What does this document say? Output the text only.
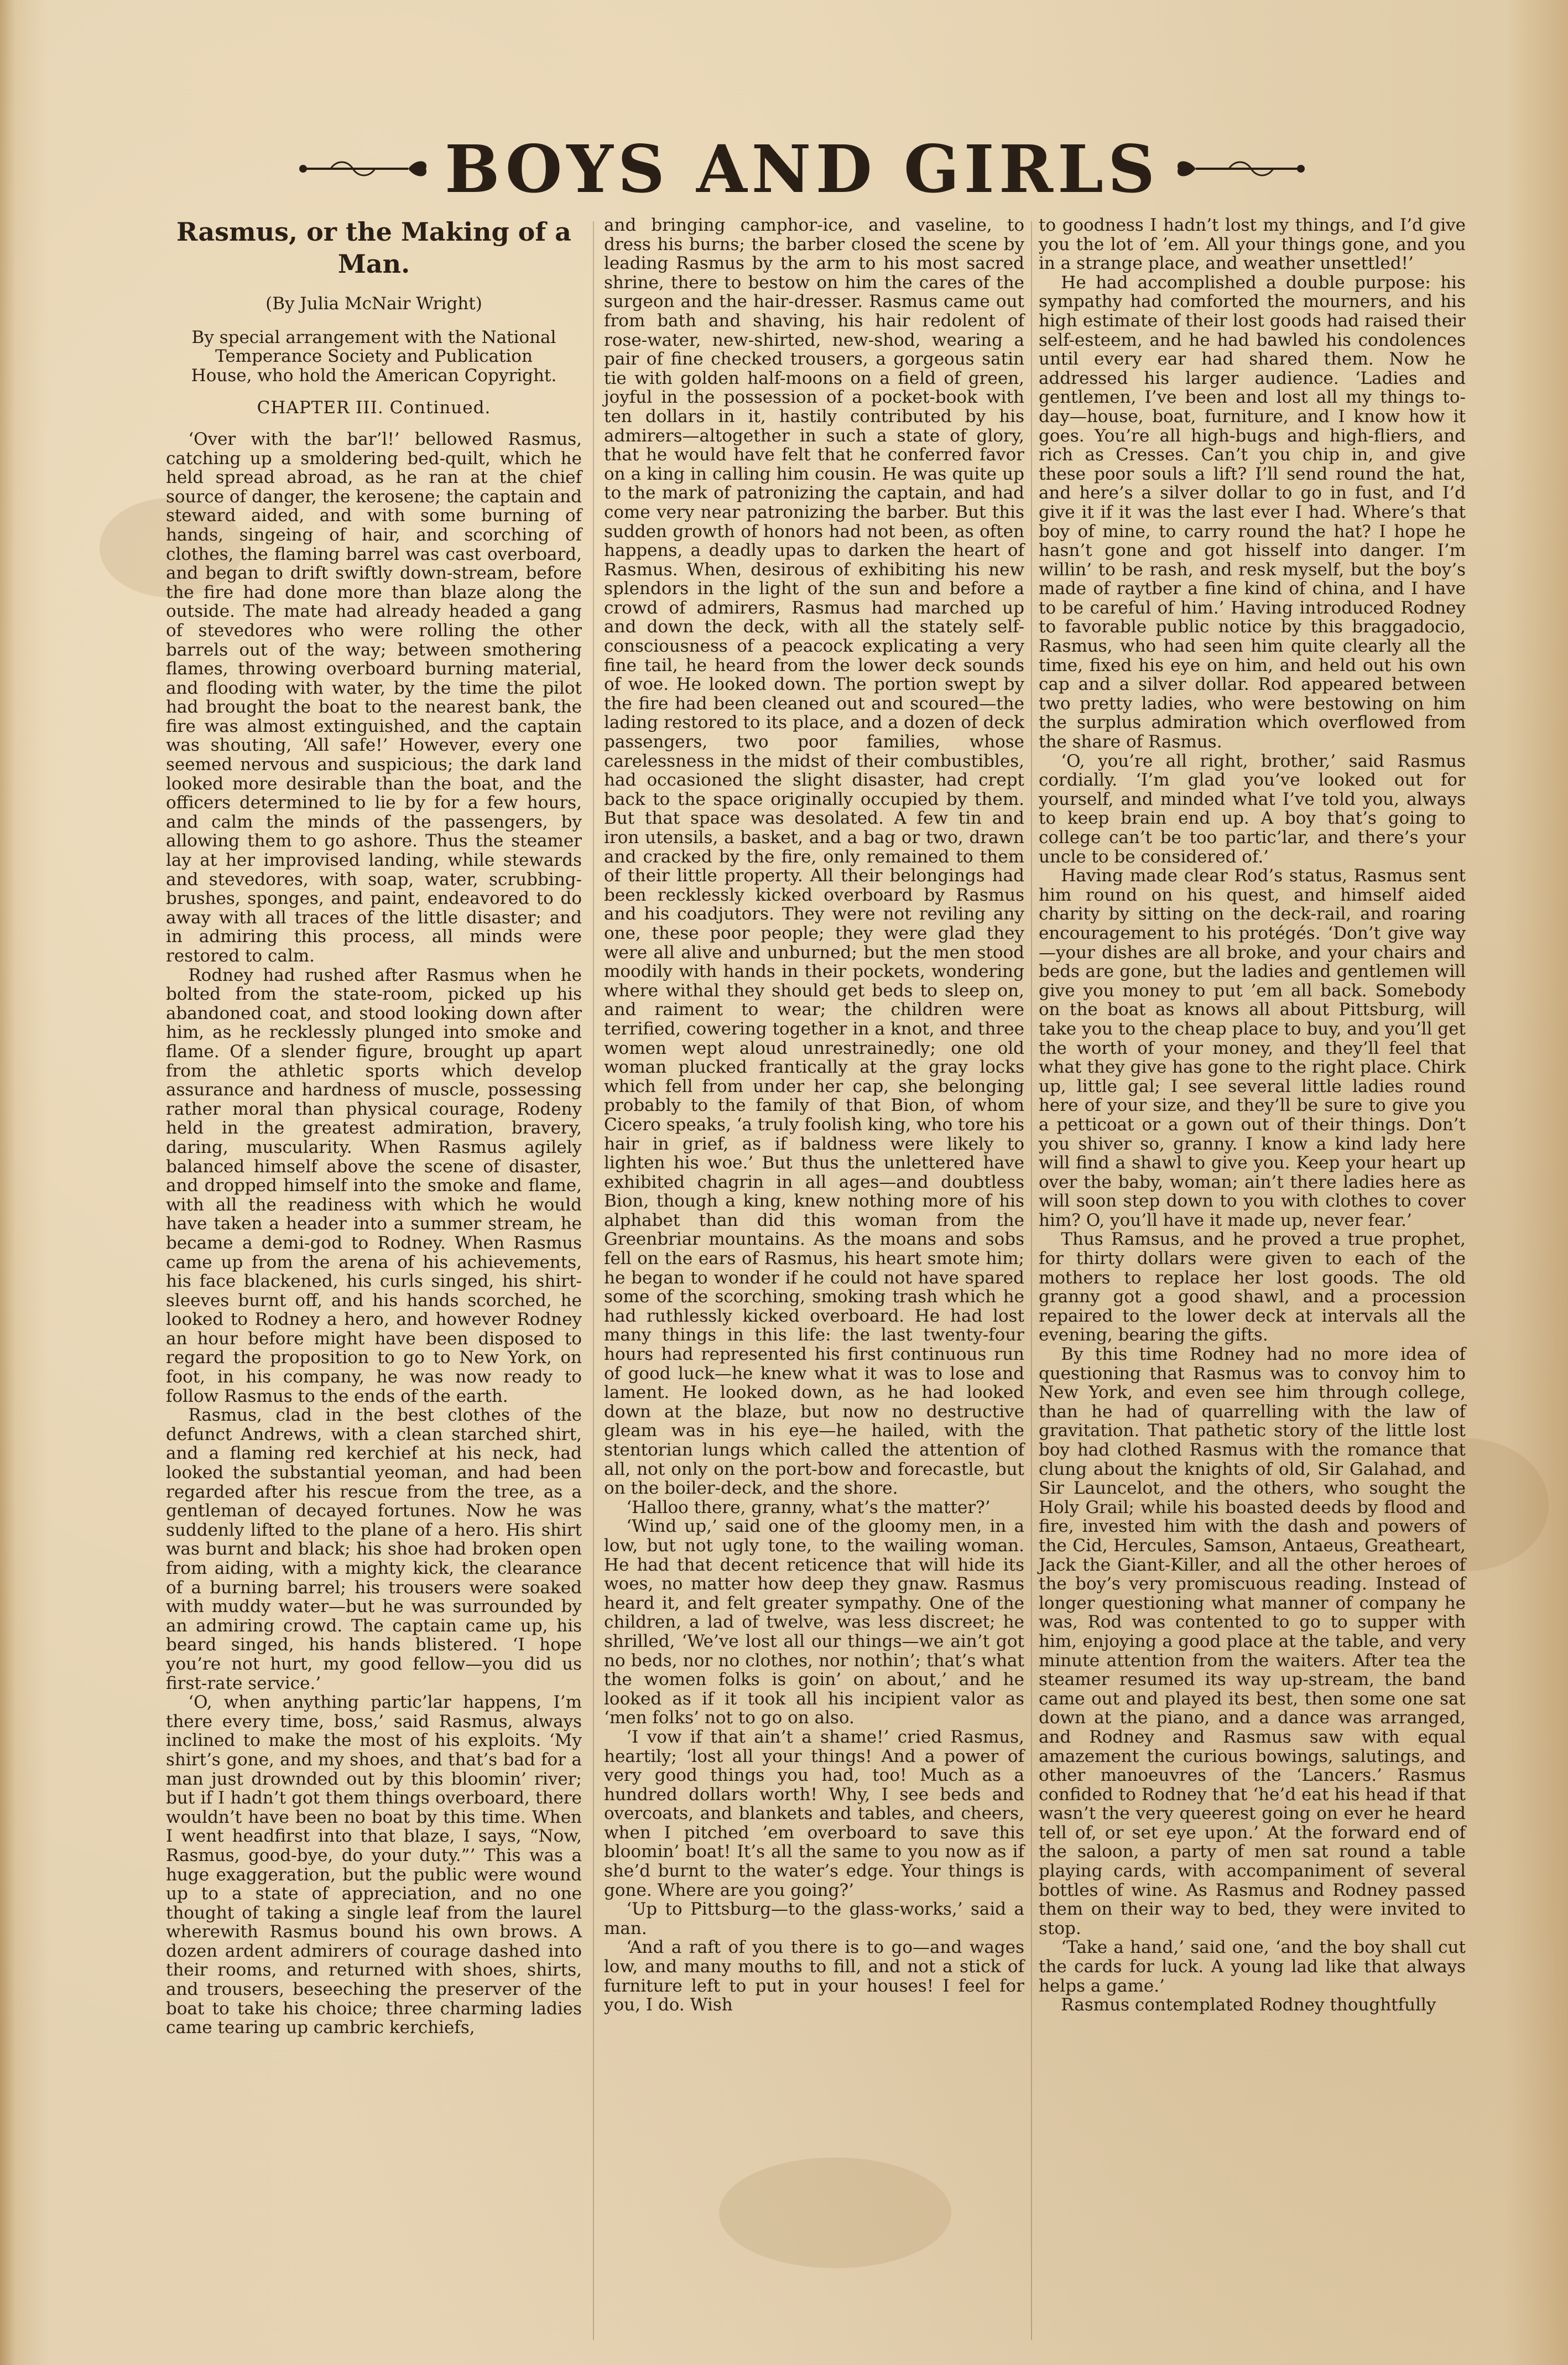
BOYS AND GIRLS

Rasmus, or the Making of a Man.

(By Julia McNair Wright)

By special arrangement with the National Temperance Society and Publication House, who hold the American Copyright.

CHAPTER III. Continued.

‘Over with the bar’l!’ bellowed Rasmus, catching up a smoldering bed-quilt, which he held spread abroad, as he ran at the chief source of danger, the kerosene; the captain and steward aided, and with some burning of hands, singeing of hair, and scorching of clothes, the flaming barrel was cast overboard, and began to drift swiftly down-stream, before the fire had done more than blaze along the outside. The mate had already headed a gang of stevedores who were rolling the other barrels out of the way; between smothering flames, throwing overboard burning material, and flooding with water, by the time the pilot had brought the boat to the nearest bank, the fire was almost extinguished, and the captain was shouting, ‘All safe!’ However, every one seemed nervous and suspicious; the dark land looked more desirable than the boat, and the officers determined to lie by for a few hours, and calm the minds of the passengers, by allowing them to go ashore. Thus the steamer lay at her improvised landing, while stewards and stevedores, with soap, water, scrubbing-brushes, sponges, and paint, endeavored to do away with all traces of the little disaster; and in admiring this process, all minds were restored to calm.

Rodney had rushed after Rasmus when he bolted from the state-room, picked up his abandoned coat, and stood looking down after him, as he recklessly plunged into smoke and flame. Of a slender figure, brought up apart from the athletic sports which develop assurance and hardness of muscle, possessing rather moral than physical courage, Rodeny held in the greatest admiration, bravery, daring, muscularity. When Rasmus agilely balanced himself above the scene of disaster, and dropped himself into the smoke and flame, with all the readiness with which he would have taken a header into a summer stream, he became a demi-god to Rodney. When Rasmus came up from the arena of his achievements, his face blackened, his curls singed, his shirt-sleeves burnt off, and his hands scorched, he looked to Rodney a hero, and however Rodney an hour before might have been disposed to regard the proposition to go to New York, on foot, in his company, he was now ready to follow Rasmus to the ends of the earth.

Rasmus, clad in the best clothes of the defunct Andrews, with a clean starched shirt, and a flaming red kerchief at his neck, had looked the substantial yeoman, and had been regarded after his rescue from the tree, as a gentleman of decayed fortunes. Now he was suddenly lifted to the plane of a hero. His shirt was burnt and black; his shoe had broken open from aiding, with a mighty kick, the clearance of a burning barrel; his trousers were soaked with muddy water—but he was surrounded by an admiring crowd. The captain came up, his beard singed, his hands blistered. ‘I hope you’re not hurt, my good fellow—you did us first-rate service.’

‘O, when anything partic’lar happens, I’m there every time, boss,’ said Rasmus, always inclined to make the most of his exploits. ‘My shirt’s gone, and my shoes, and that’s bad for a man just drownded out by this bloomin’ river; but if I hadn’t got them things overboard, there wouldn’t have been no boat by this time. When I went headfirst into that blaze, I says, “Now, Rasmus, good-bye, do your duty.”’ This was a huge exaggeration, but the public were wound up to a state of appreciation, and no one thought of taking a single leaf from the laurel wherewith Rasmus bound his own brows. A dozen ardent admirers of courage dashed into their rooms, and returned with shoes, shirts, and trousers, beseeching the preserver of the boat to take his choice; three charming ladies came tearing up cambric kerchiefs,

and bringing camphor-ice, and vaseline, to dress his burns; the barber closed the scene by leading Rasmus by the arm to his most sacred shrine, there to bestow on him the cares of the surgeon and the hair-dresser. Rasmus came out from bath and shaving, his hair redolent of rose-water, new-shirted, new-shod, wearing a pair of fine checked trousers, a gorgeous satin tie with golden half-moons on a field of green, joyful in the possession of a pocket-book with ten dollars in it, hastily contributed by his admirers—altogether in such a state of glory, that he would have felt that he conferred favor on a king in calling him cousin. He was quite up to the mark of patronizing the captain, and had come very near patronizing the barber. But this sudden growth of honors had not been, as often happens, a deadly upas to darken the heart of Rasmus. When, desirous of exhibiting his new splendors in the light of the sun and before a crowd of admirers, Rasmus had marched up and down the deck, with all the stately self-consciousness of a peacock explicating a very fine tail, he heard from the lower deck sounds of woe. He looked down. The portion swept by the fire had been cleaned out and scoured—the lading restored to its place, and a dozen of deck passengers, two poor families, whose carelessness in the midst of their combustibles, had occasioned the slight disaster, had crept back to the space originally occupied by them. But that space was desolated. A few tin and iron utensils, a basket, and a bag or two, drawn and cracked by the fire, only remained to them of their little property. All their belongings had been recklessly kicked overboard by Rasmus and his coadjutors. They were not reviling any one, these poor people; they were glad they were all alive and unburned; but the men stood moodily with hands in their pockets, wondering where withal they should get beds to sleep on, and raiment to wear; the children were terrified, cowering together in a knot, and three women wept aloud unrestrainedly; one old woman plucked frantically at the gray locks which fell from under her cap, she belonging probably to the family of that Bion, of whom Cicero speaks, ‘a truly foolish king, who tore his hair in grief, as if baldness were likely to lighten his woe.’ But thus the unlettered have exhibited chagrin in all ages—and doubtless Bion, though a king, knew nothing more of his alphabet than did this woman from the Greenbriar mountains. As the moans and sobs fell on the ears of Rasmus, his heart smote him; he began to wonder if he could not have spared some of the scorching, smoking trash which he had ruthlessly kicked overboard. He had lost many things in this life: the last twenty-four hours had represented his first continuous run of good luck—he knew what it was to lose and lament. He looked down, as he had looked down at the blaze, but now no destructive gleam was in his eye—he hailed, with the stentorian lungs which called the attention of all, not only on the port-bow and forecastle, but on the boiler-deck, and the shore.

‘Halloo there, granny, what’s the matter?’

‘Wind up,’ said one of the gloomy men, in a low, but not ugly tone, to the wailing woman. He had that decent reticence that will hide its woes, no matter how deep they gnaw. Rasmus heard it, and felt greater sympathy. One of the children, a lad of twelve, was less discreet; he shrilled, ‘We’ve lost all our things—we ain’t got no beds, nor no clothes, nor nothin’; that’s what the women folks is goin’ on about,’ and he looked as if it took all his incipient valor as ‘men folks’ not to go on also.

‘I vow if that ain’t a shame!’ cried Rasmus, heartily; ‘lost all your things! And a power of very good things you had, too! Much as a hundred dollars worth! Why, I see beds and overcoats, and blankets and tables, and cheers, when I pitched ’em overboard to save this bloomin’ boat! It’s all the same to you now as if she’d burnt to the water’s edge. Your things is gone. Where are you going?’

‘Up to Pittsburg—to the glass-works,’ said a man.

‘And a raft of you there is to go—and wages low, and many mouths to fill, and not a stick of furniture left to put in your houses! I feel for you, I do. Wish

to goodness I hadn’t lost my things, and I’d give you the lot of ’em. All your things gone, and you in a strange place, and weather unsettled!’

He had accomplished a double purpose: his sympathy had comforted the mourners, and his high estimate of their lost goods had raised their self-esteem, and he had bawled his condolences until every ear had shared them. Now he addressed his larger audience. ‘Ladies and gentlemen, I’ve been and lost all my things to-day—house, boat, furniture, and I know how it goes. You’re all high-bugs and high-fliers, and rich as Cresses. Can’t you chip in, and give these poor souls a lift? I’ll send round the hat, and here’s a silver dollar to go in fust, and I’d give it if it was the last ever I had. Where’s that boy of mine, to carry round the hat? I hope he hasn’t gone and got hisself into danger. I’m willin’ to be rash, and resk myself, but the boy’s made of raytber a fine kind of china, and I have to be careful of him.’ Having introduced Rodney to favorable public notice by this braggadocio, Rasmus, who had seen him quite clearly all the time, fixed his eye on him, and held out his own cap and a silver dollar. Rod appeared between two pretty ladies, who were bestowing on him the surplus admiration which overflowed from the share of Rasmus.

‘O, you’re all right, brother,’ said Rasmus cordially. ‘I’m glad you’ve looked out for yourself, and minded what I’ve told you, always to keep brain end up. A boy that’s going to college can’t be too partic’lar, and there’s your uncle to be considered of.’

Having made clear Rod’s status, Rasmus sent him round on his quest, and himself aided charity by sitting on the deck-rail, and roaring encouragement to his protégés. ‘Don’t give way—your dishes are all broke, and your chairs and beds are gone, but the ladies and gentlemen will give you money to put ’em all back. Somebody on the boat as knows all about Pittsburg, will take you to the cheap place to buy, and you’ll get the worth of your money, and they’ll feel that what they give has gone to the right place. Chirk up, little gal; I see several little ladies round here of your size, and they’ll be sure to give you a petticoat or a gown out of their things. Don’t you shiver so, granny. I know a kind lady here will find a shawl to give you. Keep your heart up over the baby, woman; ain’t there ladies here as will soon step down to you with clothes to cover him? O, you’ll have it made up, never fear.’

Thus Ramsus, and he proved a true prophet, for thirty dollars were given to each of the mothers to replace her lost goods. The old granny got a good shawl, and a procession repaired to the lower deck at intervals all the evening, bearing the gifts.

By this time Rodney had no more idea of questioning that Rasmus was to convoy him to New York, and even see him through college, than he had of quarrelling with the law of gravitation. That pathetic story of the little lost boy had clothed Rasmus with the romance that clung about the knights of old, Sir Galahad, and Sir Launcelot, and the others, who sought the Holy Grail; while his boasted deeds by flood and fire, invested him with the dash and powers of the Cid, Hercules, Samson, Antaeus, Greatheart, Jack the Giant-Killer, and all the other heroes of the boy’s very promiscuous reading. Instead of longer questioning what manner of company he was, Rod was contented to go to supper with him, enjoying a good place at the table, and very minute attention from the waiters. After tea the steamer resumed its way up-stream, the band came out and played its best, then some one sat down at the piano, and a dance was arranged, and Rodney and Rasmus saw with equal amazement the curious bowings, salutings, and other manoeuvres of the ‘Lancers.’ Rasmus confided to Rodney that ‘he’d eat his head if that wasn’t the very queerest going on ever he heard tell of, or set eye upon.’ At the forward end of the saloon, a party of men sat round a table playing cards, with accompaniment of several bottles of wine. As Rasmus and Rodney passed them on their way to bed, they were invited to stop.

‘Take a hand,’ said one, ‘and the boy shall cut the cards for luck. A young lad like that always helps a game.’

Rasmus contemplated Rodney thoughtfully
